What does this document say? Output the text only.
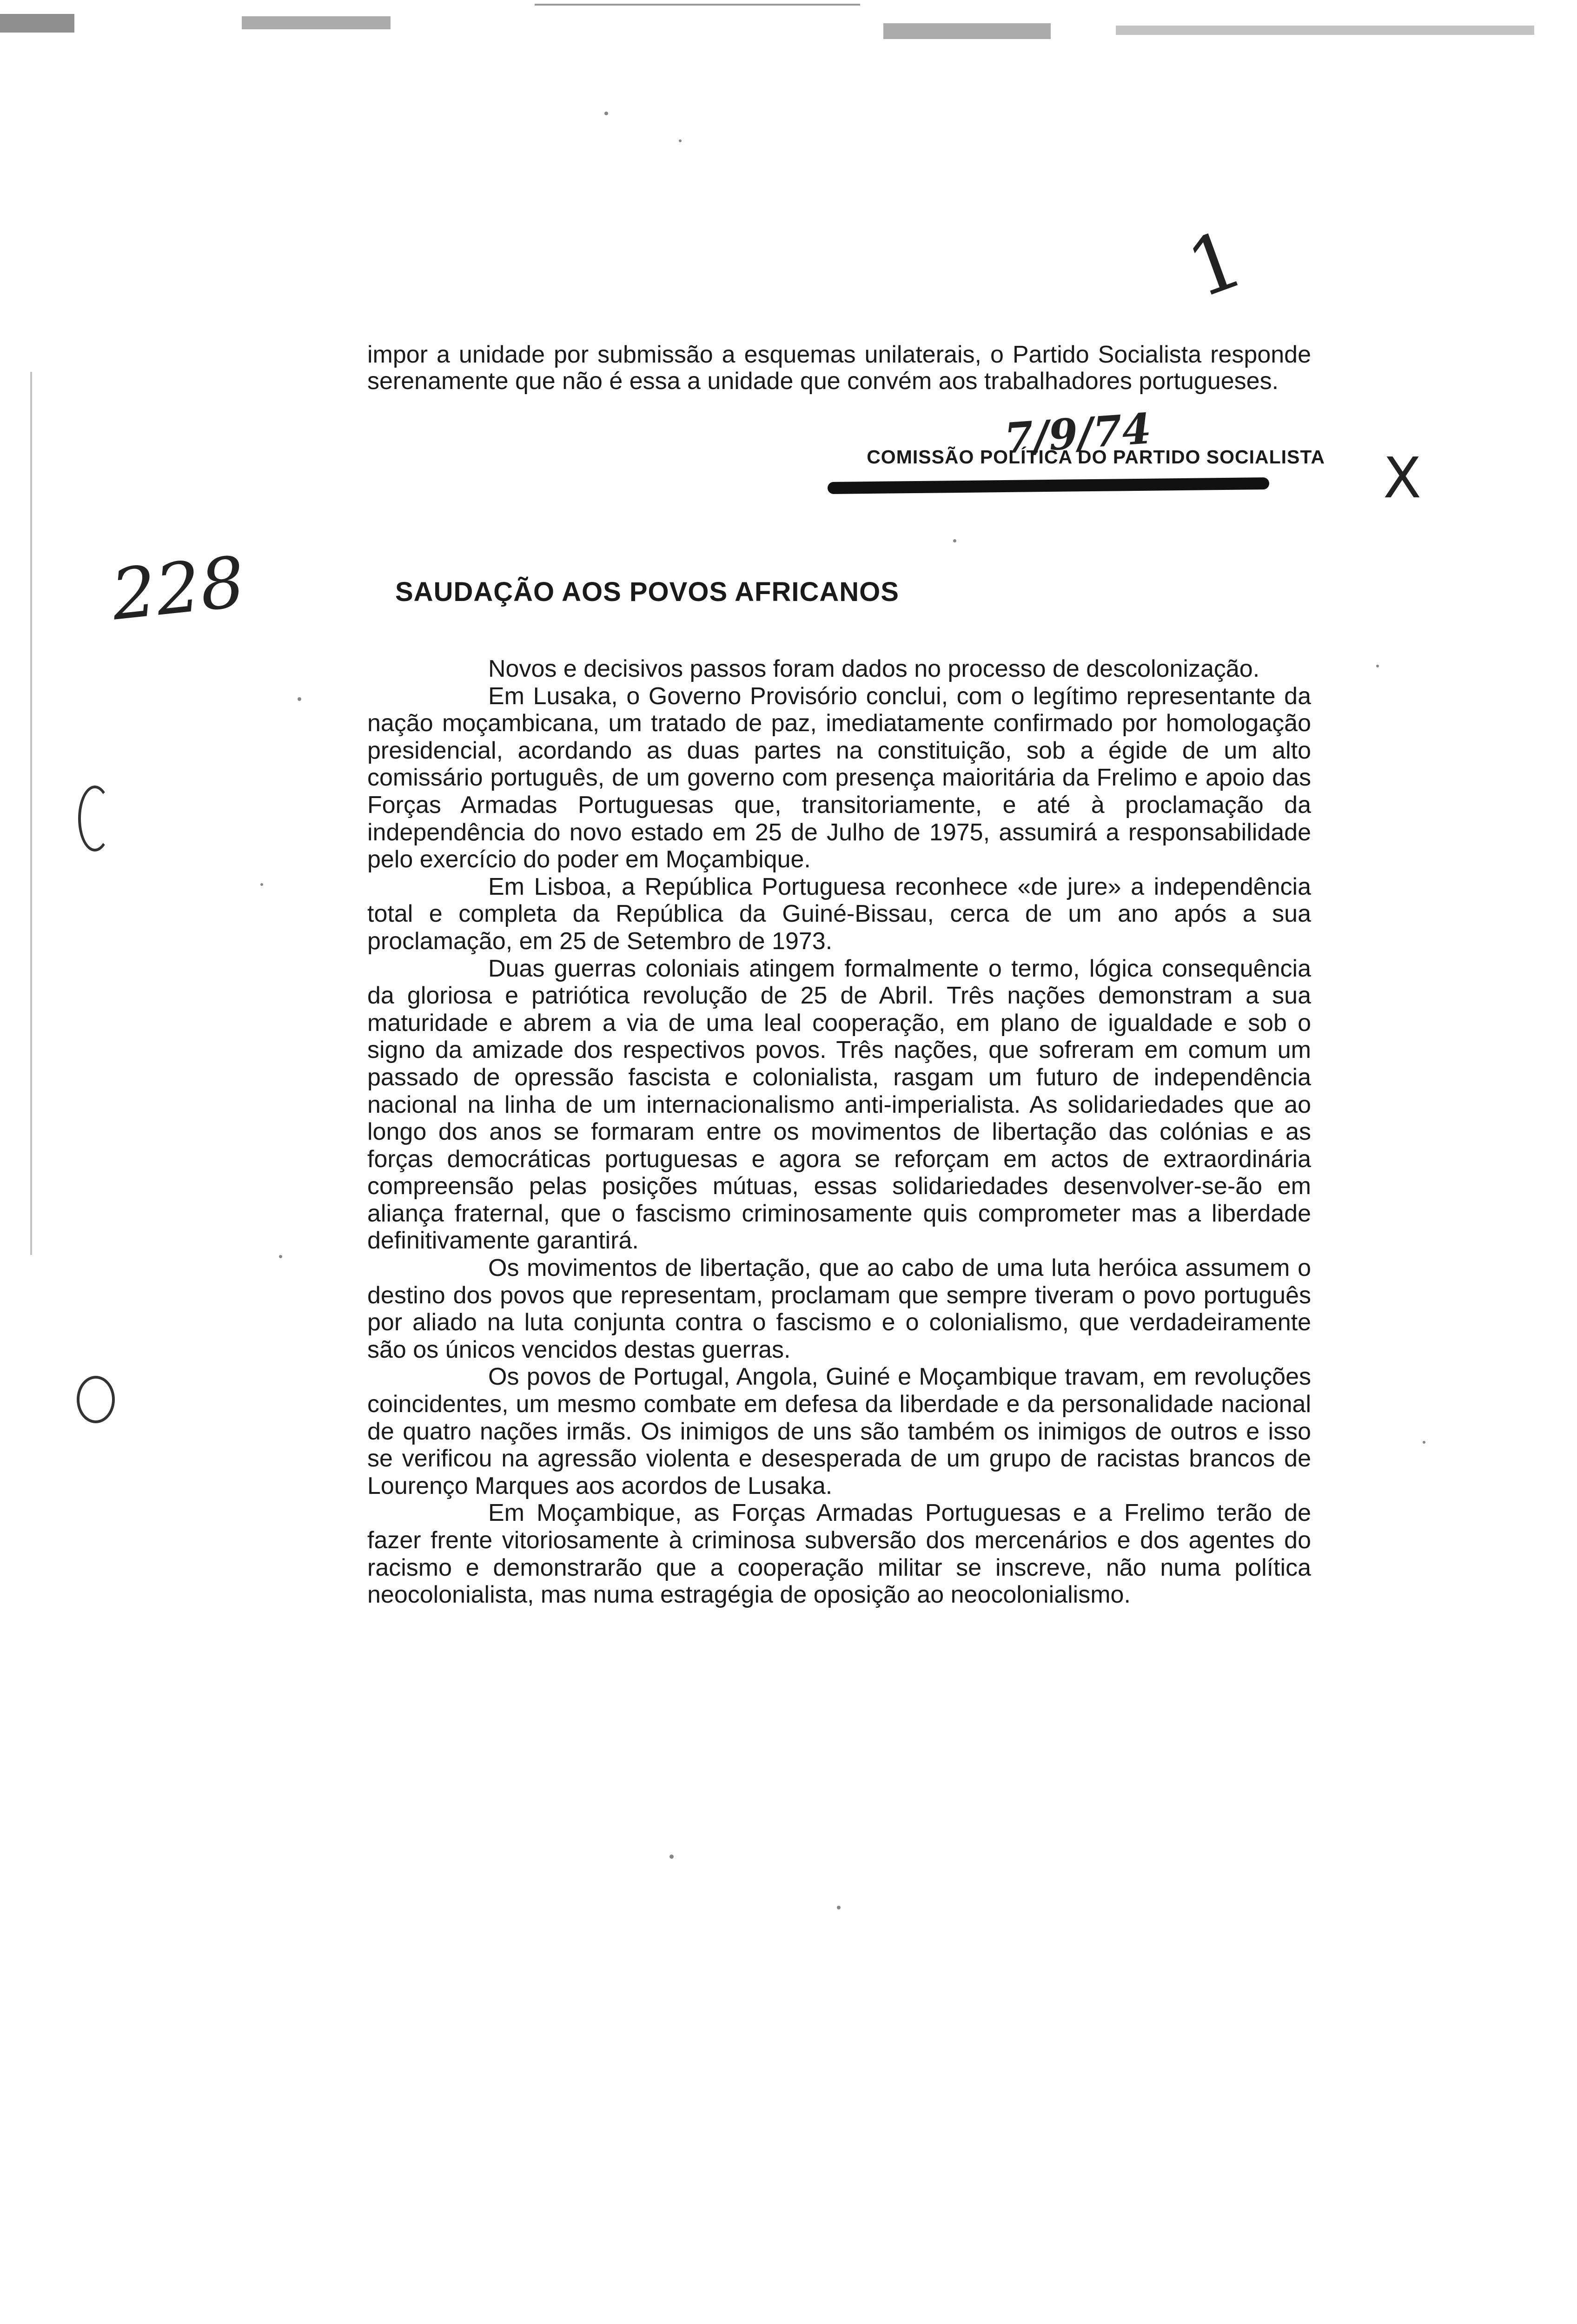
1
228
7/9/74
X
impor a unidade por submissão a esquemas unilaterais, o Partido Socialista responde serenamente que não é essa a unidade que convém aos trabalhadores portugueses.
COMISSÃO POLÍTICA DO PARTIDO SOCIALISTA
SAUDAÇÃO AOS POVOS AFRICANOS

Novos e decisivos passos foram dados no processo de descolonização.

Em Lusaka, o Governo Provisório conclui, com o legítimo representante da nação moçambicana, um tratado de paz, imediatamente confirmado por homologação presidencial, acordando as duas partes na constituição, sob a égide de um alto comissário português, de um governo com presença maioritária da Frelimo e apoio das Forças Armadas Portuguesas que, transitoriamente, e até à proclamação da independência do novo estado em 25 de Julho de 1975, assumirá a responsabilidade pelo exercício do poder em Moçambique.

Em Lisboa, a República Portuguesa reconhece «de jure» a independência total e completa da República da Guiné-Bissau, cerca de um ano após a sua proclamação, em 25 de Setembro de 1973.

Duas guerras coloniais atingem formalmente o termo, lógica consequência da gloriosa e patriótica revolução de 25 de Abril. Três nações demonstram a sua maturidade e abrem a via de uma leal cooperação, em plano de igualdade e sob o signo da amizade dos respectivos povos. Três nações, que sofreram em comum um passado de opressão fascista e colonialista, rasgam um futuro de independência nacional na linha de um internacionalismo anti-imperialista. As solidariedades que ao longo dos anos se formaram entre os movimentos de libertação das colónias e as forças democráticas portuguesas e agora se reforçam em actos de extraordinária compreensão pelas posições mútuas, essas solidariedades desenvolver-se-ão em aliança fraternal, que o fascismo criminosamente quis comprometer mas a liberdade definitivamente garantirá.

Os movimentos de libertação, que ao cabo de uma luta heróica assumem o destino dos povos que representam, proclamam que sempre tiveram o povo português por aliado na luta conjunta contra o fascismo e o colonialismo, que verdadeiramente são os únicos vencidos destas guerras.

Os povos de Portugal, Angola, Guiné e Moçambique travam, em revoluções coincidentes, um mesmo combate em defesa da liberdade e da personalidade nacional de quatro nações irmãs. Os inimigos de uns são também os inimigos de outros e isso se verificou na agressão violenta e desesperada de um grupo de racistas brancos de Lourenço Marques aos acordos de Lusaka.

Em Moçambique, as Forças Armadas Portuguesas e a Frelimo terão de fazer frente vitoriosamente à criminosa subversão dos mercenários e dos agentes do racismo e demonstrarão que a cooperação militar se inscreve, não numa política neocolonialista, mas numa estragégia de oposição ao neocolonialismo.
